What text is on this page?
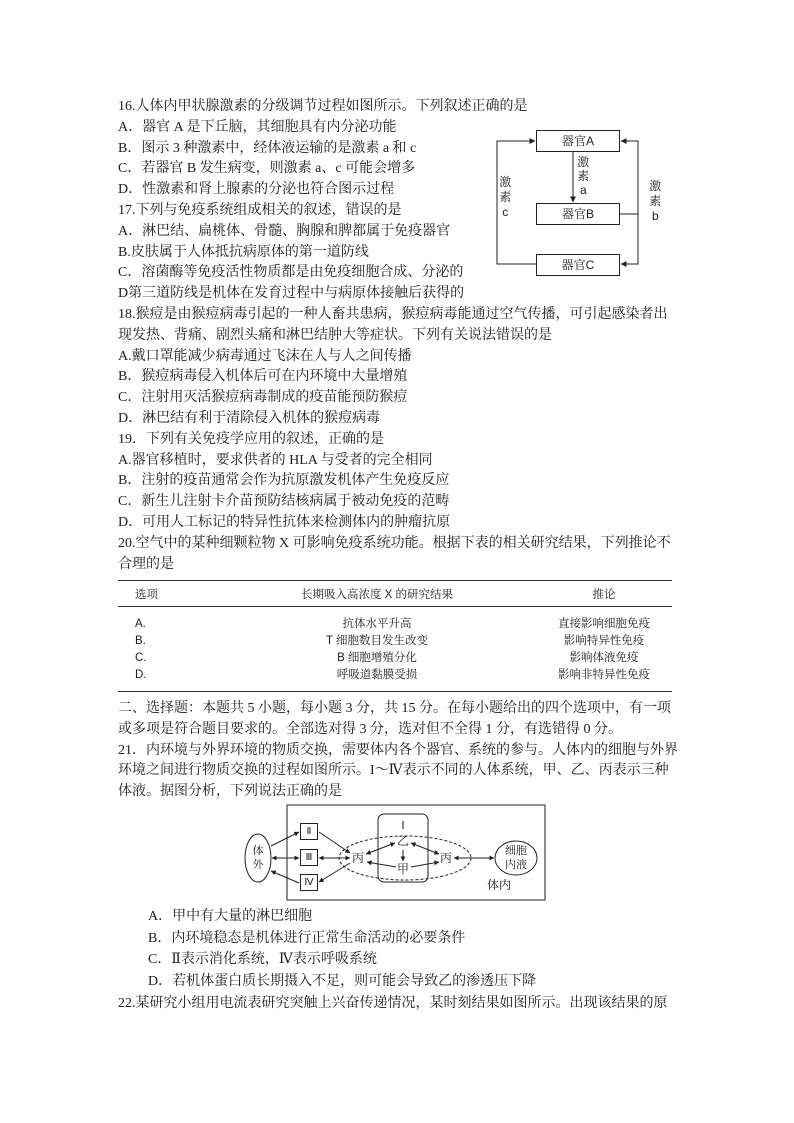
16.人体内甲状腺激素的分级调节过程如图所示。下列叙述正确的是
A．器官 A 是下丘脑，其细胞具有内分泌功能
B．图示 3 种激素中，经体液运输的是激素 a 和 c
C．若器官 B 发生病变，则激素 a、c 可能会增多
D．性激素和肾上腺素的分泌也符合图示过程
17.下列与免疫系统组成相关的叙述，错误的是
A．淋巴结、扁桃体、骨髓、胸腺和脾都属于免疫器官
B.皮肤属于人体抵抗病原体的第一道防线
C．溶菌酶等免疫活性物质都是由免疫细胞合成、分泌的
D第三道防线是机体在发育过程中与病原体接触后获得的
18.猴痘是由猴痘病毒引起的一种人畜共患病，猴痘病毒能通过空气传播，可引起感染者出
现发热、背痛、剧烈头痛和淋巴结肿大等症状。下列有关说法错误的是
A.戴口罩能减少病毒通过飞沫在人与人之间传播
B．猴痘病毒侵入机体后可在内环境中大量增殖
C．注射用灭活猴痘病毒制成的疫苗能预防猴痘
D．淋巴结有利于清除侵入机体的猴痘病毒
19．下列有关免疫学应用的叙述，正确的是
A.器官移植时，要求供者的 HLA 与受者的完全相同
B．注射的疫苗通常会作为抗原激发机体产生免疫反应
C．新生儿注射卡介苗预防结核病属于被动免疫的范畴
D．可用人工标记的特异性抗体来检测体内的肿瘤抗原
20.空气中的某种细颗粒物 X 可影响免疫系统功能。根据下表的相关研究结果，下列推论不
合理的是
器官A
器官B
器官C
激素a
激素c
激素b
选项	长期吸入高浓度 X 的研究结果	推论
A.	抗体水平升高	直接影响细胞免疫
B.	T 细胞数目发生改变	影响特异性免疫
C.	B 细胞增殖分化	影响体液免疫
D.	呼吸道黏膜受损	影响非特异性免疫
二、选择题：本题共 5 小题，每小题 3 分，共 15 分。在每小题给出的四个选项中，有一项
或多项是符合题目要求的。全部选对得 3 分，选对但不全得 1 分，有选错得 0 分。
21．内环境与外界环境的物质交换，需要体内各个器官、系统的参与。人体内的细胞与外界
环境之间进行物质交换的过程如图所示。I～Ⅳ表示不同的人体系统，甲、乙、丙表示三种
体液。据图分析，下列说法正确的是
体外
Ⅱ
Ⅲ
Ⅳ
Ⅰ
乙
甲
丙	丙	细胞内液
体内
A．甲中有大量的淋巴细胞
B．内环境稳态是机体进行正常生命活动的必要条件
C．Ⅱ表示消化系统，Ⅳ表示呼吸系统
D．若机体蛋白质长期摄入不足，则可能会导致乙的渗透压下降
22.某研究小组用电流表研究突触上兴奋传递情况，某时刻结果如图所示。出现该结果的原
